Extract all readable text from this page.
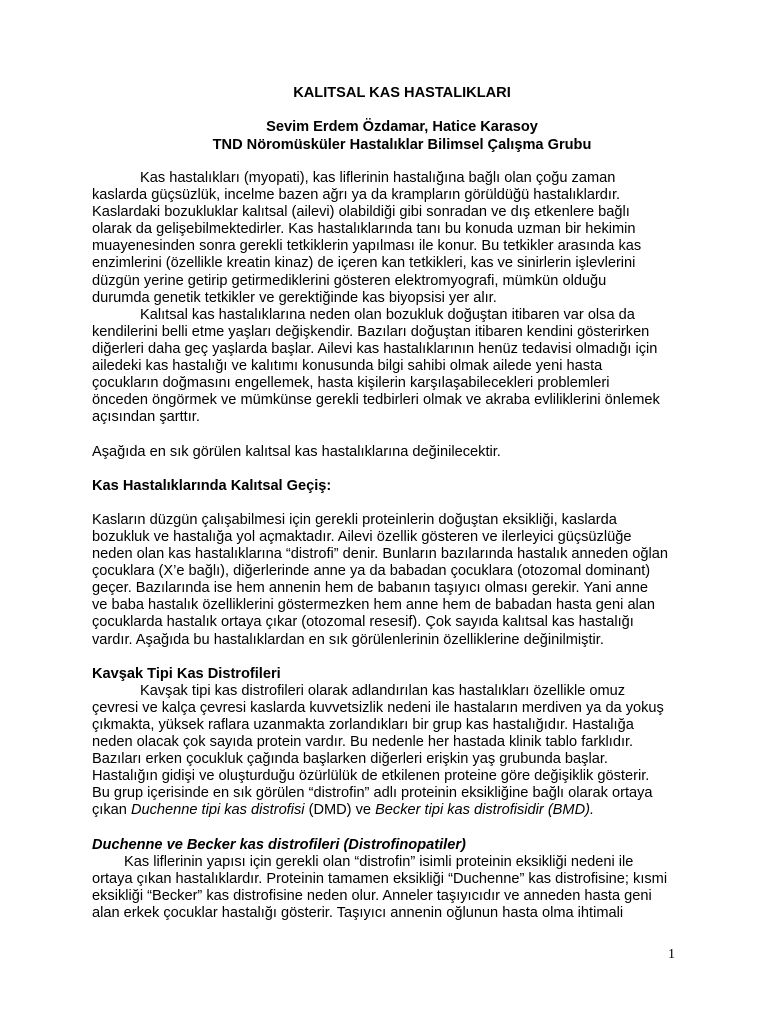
KALITSAL KAS HASTALIKLARI
Sevim Erdem Özdamar, Hatice Karasoy
TND Nöromüsküler Hastalıklar Bilimsel Çalışma Grubu
Kas hastalıkları (myopati), kas liflerinin hastalığına bağlı olan çoğu zaman
kaslarda güçsüzlük, incelme bazen ağrı ya da krampların görüldüğü hastalıklardır.
Kaslardaki bozukluklar kalıtsal (ailevi) olabildiği gibi sonradan ve dış etkenlere bağlı
olarak da gelişebilmektedirler. Kas hastalıklarında tanı bu konuda uzman bir hekimin
muayenesinden sonra gerekli tetkiklerin yapılması ile konur. Bu tetkikler arasında kas
enzimlerini (özellikle kreatin kinaz) de içeren kan tetkikleri, kas ve sinirlerin işlevlerini
düzgün yerine getirip getirmediklerini gösteren elektromyografi, mümkün olduğu
durumda genetik tetkikler ve gerektiğinde kas biyopsisi yer alır.
Kalıtsal kas hastalıklarına neden olan bozukluk doğuştan itibaren var olsa da
kendilerini belli etme yaşları değişkendir. Bazıları doğuştan itibaren kendini gösterirken
diğerleri daha geç yaşlarda başlar. Ailevi kas hastalıklarının henüz tedavisi olmadığı için
ailedeki kas hastalığı ve kalıtımı konusunda bilgi sahibi olmak ailede yeni hasta
çocukların doğmasını engellemek, hasta kişilerin karşılaşabilecekleri problemleri
önceden öngörmek ve mümkünse gerekli tedbirleri olmak ve akraba evliliklerini önlemek
açısından şarttır.
Aşağıda en sık görülen kalıtsal kas hastalıklarına değinilecektir.
Kas Hastalıklarında Kalıtsal Geçiş:
Kasların düzgün çalışabilmesi için gerekli proteinlerin doğuştan eksikliği, kaslarda
bozukluk ve hastalığa yol açmaktadır. Ailevi özellik gösteren ve ilerleyici güçsüzlüğe
neden olan kas hastalıklarına “distrofi” denir. Bunların bazılarında hastalık anneden oğlan
çocuklara (X’e bağlı), diğerlerinde anne ya da babadan çocuklara (otozomal dominant)
geçer. Bazılarında ise hem annenin hem de babanın taşıyıcı olması gerekir. Yani anne
ve baba hastalık özelliklerini göstermezken hem anne hem de babadan hasta geni alan
çocuklarda hastalık ortaya çıkar (otozomal resesif). Çok sayıda kalıtsal kas hastalığı
vardır. Aşağıda bu hastalıklardan en sık görülenlerinin özelliklerine değinilmiştir.
Kavşak Tipi Kas Distrofileri
Kavşak tipi kas distrofileri olarak adlandırılan kas hastalıkları özellikle omuz
çevresi ve kalça çevresi kaslarda kuvvetsizlik nedeni ile hastaların merdiven ya da yokuş
çıkmakta, yüksek raflara uzanmakta zorlandıkları bir grup kas hastalığıdır. Hastalığa
neden olacak çok sayıda protein vardır. Bu nedenle her hastada klinik tablo farklıdır.
Bazıları erken çocukluk çağında başlarken diğerleri erişkin yaş grubunda başlar.
Hastalığın gidişi ve oluşturduğu özürlülük de etkilenen proteine göre değişiklik gösterir.
Bu grup içerisinde en sık görülen “distrofin” adlı proteinin eksikliğine bağlı olarak ortaya
çıkan Duchenne tipi kas distrofisi (DMD) ve Becker tipi kas distrofisidir (BMD).
Duchenne ve Becker kas distrofileri (Distrofinopatiler)
Kas liflerinin yapısı için gerekli olan “distrofin” isimli proteinin eksikliği nedeni ile
ortaya çıkan hastalıklardır. Proteinin tamamen eksikliği “Duchenne” kas distrofisine; kısmi
eksikliği “Becker” kas distrofisine neden olur. Anneler taşıyıcıdır ve anneden hasta geni
alan erkek çocuklar hastalığı gösterir. Taşıyıcı annenin oğlunun hasta olma ihtimali
1
